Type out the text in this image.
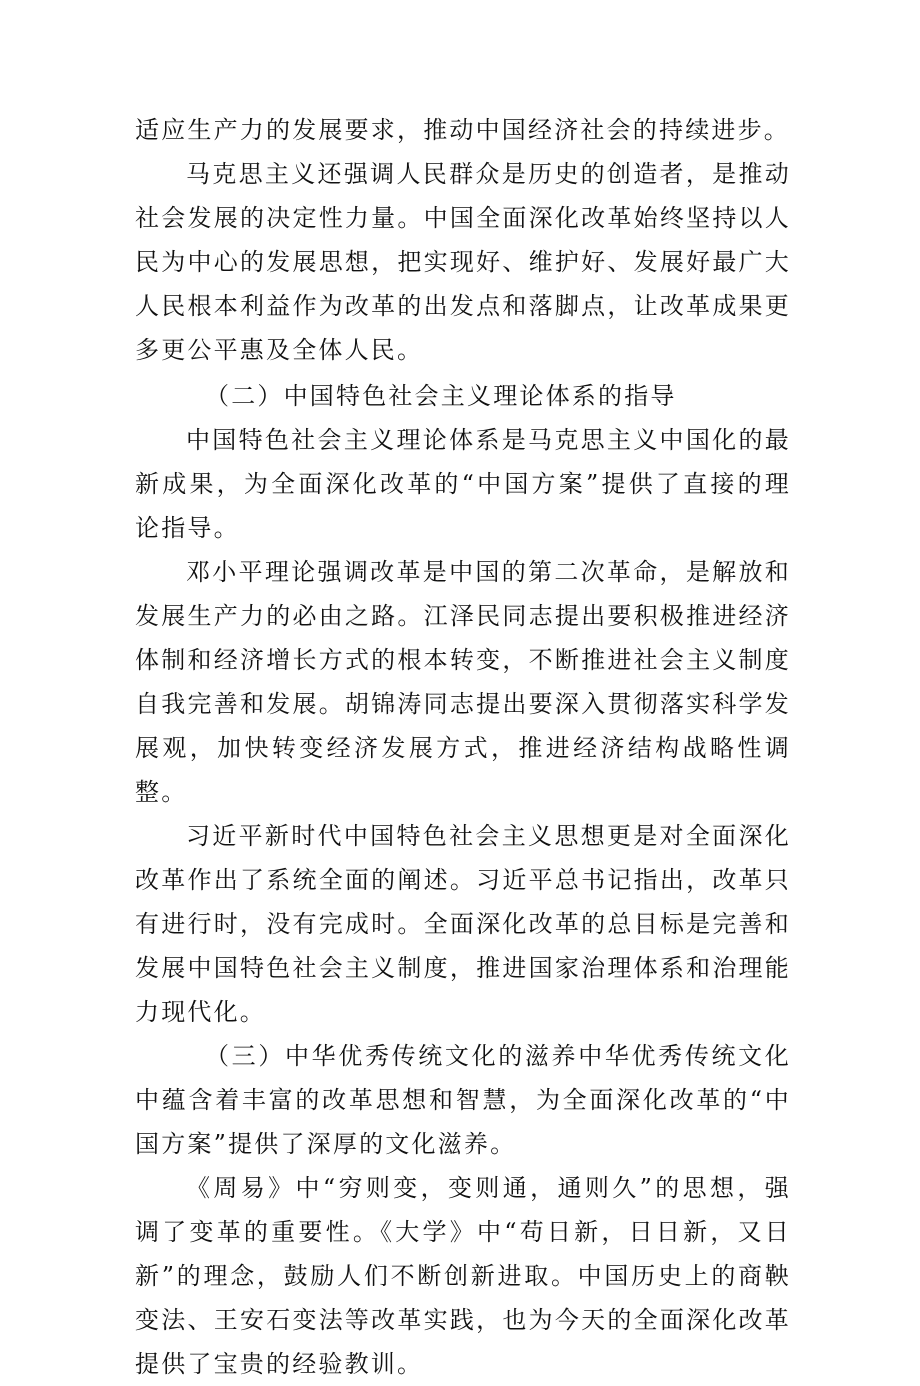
适应生产力的发展要求，推动中国经济社会的持续进步。

马克思主义还强调人民群众是历史的创造者，是推动社会发展的决定性力量。中国全面深化改革始终坚持以人民为中心的发展思想，把实现好、维护好、发展好最广大人民根本利益作为改革的出发点和落脚点，让改革成果更多更公平惠及全体人民。

（二）中国特色社会主义理论体系的指导

中国特色社会主义理论体系是马克思主义中国化的最新成果，为全面深化改革的“中国方案”提供了直接的理论指导。

邓小平理论强调改革是中国的第二次革命，是解放和发展生产力的必由之路。江泽民同志提出要积极推进经济体制和经济增长方式的根本转变，不断推进社会主义制度自我完善和发展。胡锦涛同志提出要深入贯彻落实科学发展观，加快转变经济发展方式，推进经济结构战略性调整。

习近平新时代中国特色社会主义思想更是对全面深化改革作出了系统全面的阐述。习近平总书记指出，改革只有进行时，没有完成时。全面深化改革的总目标是完善和发展中国特色社会主义制度，推进国家治理体系和治理能力现代化。

（三）中华优秀传统文化的滋养中华优秀传统文化中蕴含着丰富的改革思想和智慧，为全面深化改革的“中国方案”提供了深厚的文化滋养。

《周易》中“穷则变，变则通，通则久”的思想，强调了变革的重要性。《大学》中“苟日新，日日新，又日新”的理念，鼓励人们不断创新进取。中国历史上的商鞅变法、王安石变法等改革实践，也为今天的全面深化改革提供了宝贵的经验教训。
